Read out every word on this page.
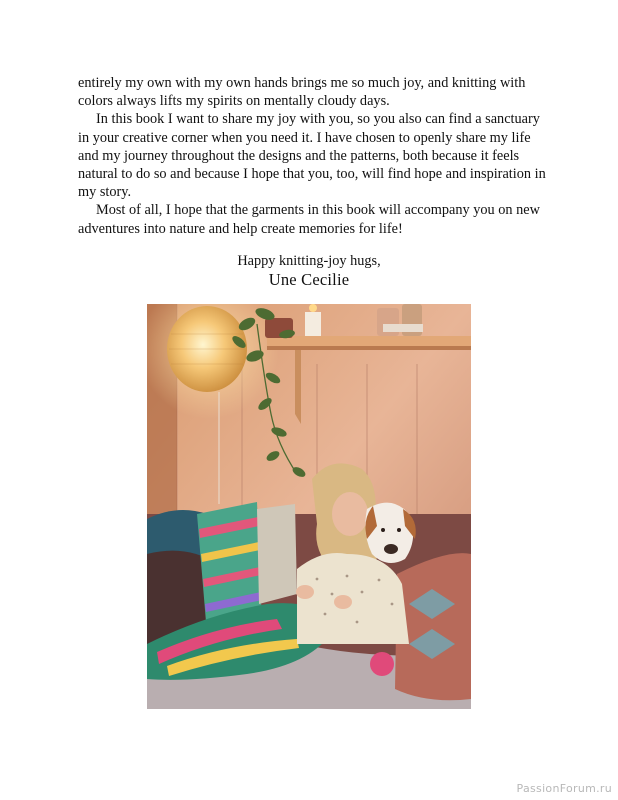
entirely my own with my own hands brings me so much joy, and knitting with colors always lifts my spirits on mentally cloudy days.

In this book I want to share my joy with you, so you also can find a sanctuary in your creative corner when you need it. I have chosen to openly share my life and my journey throughout the designs and the patterns, both because it feels natural to do so and because I hope that you, too, will find hope and inspiration in my story.

Most of all, I hope that the garments in this book will accompany you on new adventures into nature and help create memories for life!

Happy knitting-joy hugs,
Une Cecilie
PassionForum.ru
